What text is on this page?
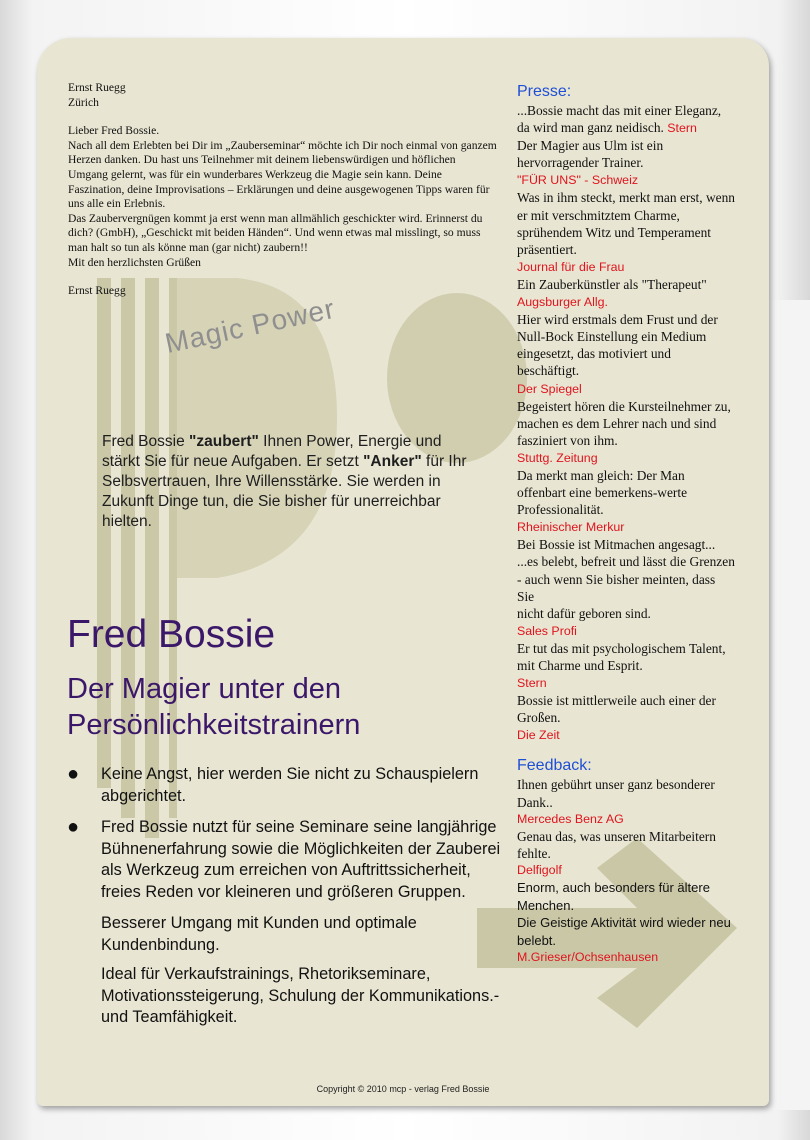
Ernst Ruegg

Zürich

Lieber Fred Bossie.

Nach all dem Erlebten bei Dir im „Zauberseminar“ möchte ich Dir noch einmal von ganzem Herzen danken. Du hast uns Teilnehmer mit deinem liebenswürdigen und höflichen Umgang gelernt, was für ein wunderbares Werkzeug die Magie sein kann. Deine Faszination, deine Improvisations – Erklärungen und deine ausgewogenen Tipps waren für uns alle ein Erlebnis.

Das Zaubervergnügen kommt ja erst wenn man allmählich geschickter wird. Erinnerst du dich? (GmbH), „Geschickt mit beiden Händen“. Und wenn etwas mal misslingt, so muss man halt so tun als könne man (gar nicht) zaubern!!

Mit den herzlichsten Grüßen

Ernst Ruegg

Magic Power
Fred Bossie "zaubert" Ihnen Power, Energie und stärkt Sie für neue Aufgaben. Er setzt "Anker" für Ihr Selbsvertrauen, Ihre Willensstärke. Sie werden in Zukunft Dinge tun, die Sie bisher für unerreichbar hielten.
Fred Bossie
Der Magier unter den Persönlichkeitstrainern
●	Keine Angst, hier werden Sie nicht zu Schauspielern abgerichtet.
●	Fred Bossie nutzt für seine Seminare seine langjährige Bühnenerfahrung sowie die Möglichkeiten der Zauberei als Werkzeug zum erreichen von Auftrittssicherheit, freies Reden vor kleineren und größeren Gruppen.
Besserer Umgang mit Kunden und optimale Kundenbindung.
Ideal für Verkaufstrainings, Rhetorikseminare, Motivationssteigerung, Schulung der Kommunikations.- und Teamfähigkeit.
Presse:
...Bossie macht das mit einer Eleganz,
da wird man ganz neidisch. Stern
Der Magier aus Ulm ist ein hervorragender Trainer.
"FÜR UNS" - Schweiz
Was in ihm steckt, merkt man erst, wenn er mit verschmitztem Charme,
sprühendem Witz und Temperament präsentiert.
Journal für die Frau
Ein Zauberkünstler als "Therapeut"
Augsburger Allg.
Hier wird erstmals dem Frust und der Null-Bock Einstellung ein Medium eingesetzt, das motiviert und beschäftigt.
Der Spiegel
Begeistert hören die Kursteilnehmer zu, machen es dem Lehrer nach und sind fasziniert von ihm.
Stuttg. Zeitung
Da merkt man gleich: Der Man offenbart eine bemerkens-werte Professionalität.
Rheinischer Merkur
Bei Bossie ist Mitmachen angesagt...
...es belebt, befreit und lässt die Grenzen - auch wenn Sie bisher meinten, dass Sie
nicht dafür geboren sind.
Sales Profi
Er tut das mit psychologischem Talent,
mit Charme und Esprit.
Stern
Bossie ist mittlerweile auch einer der Großen.
Die Zeit
Feedback:
Ihnen gebührt unser ganz besonderer Dank..
Mercedes Benz AG
Genau das, was unseren Mitarbeitern fehlte.
Delfigolf
Enorm, auch besonders für ältere Menchen.
Die Geistige Aktivität wird wieder neu belebt.
M.Grieser/Ochsenhausen
Copyright © 2010 mcp - verlag Fred Bossie
